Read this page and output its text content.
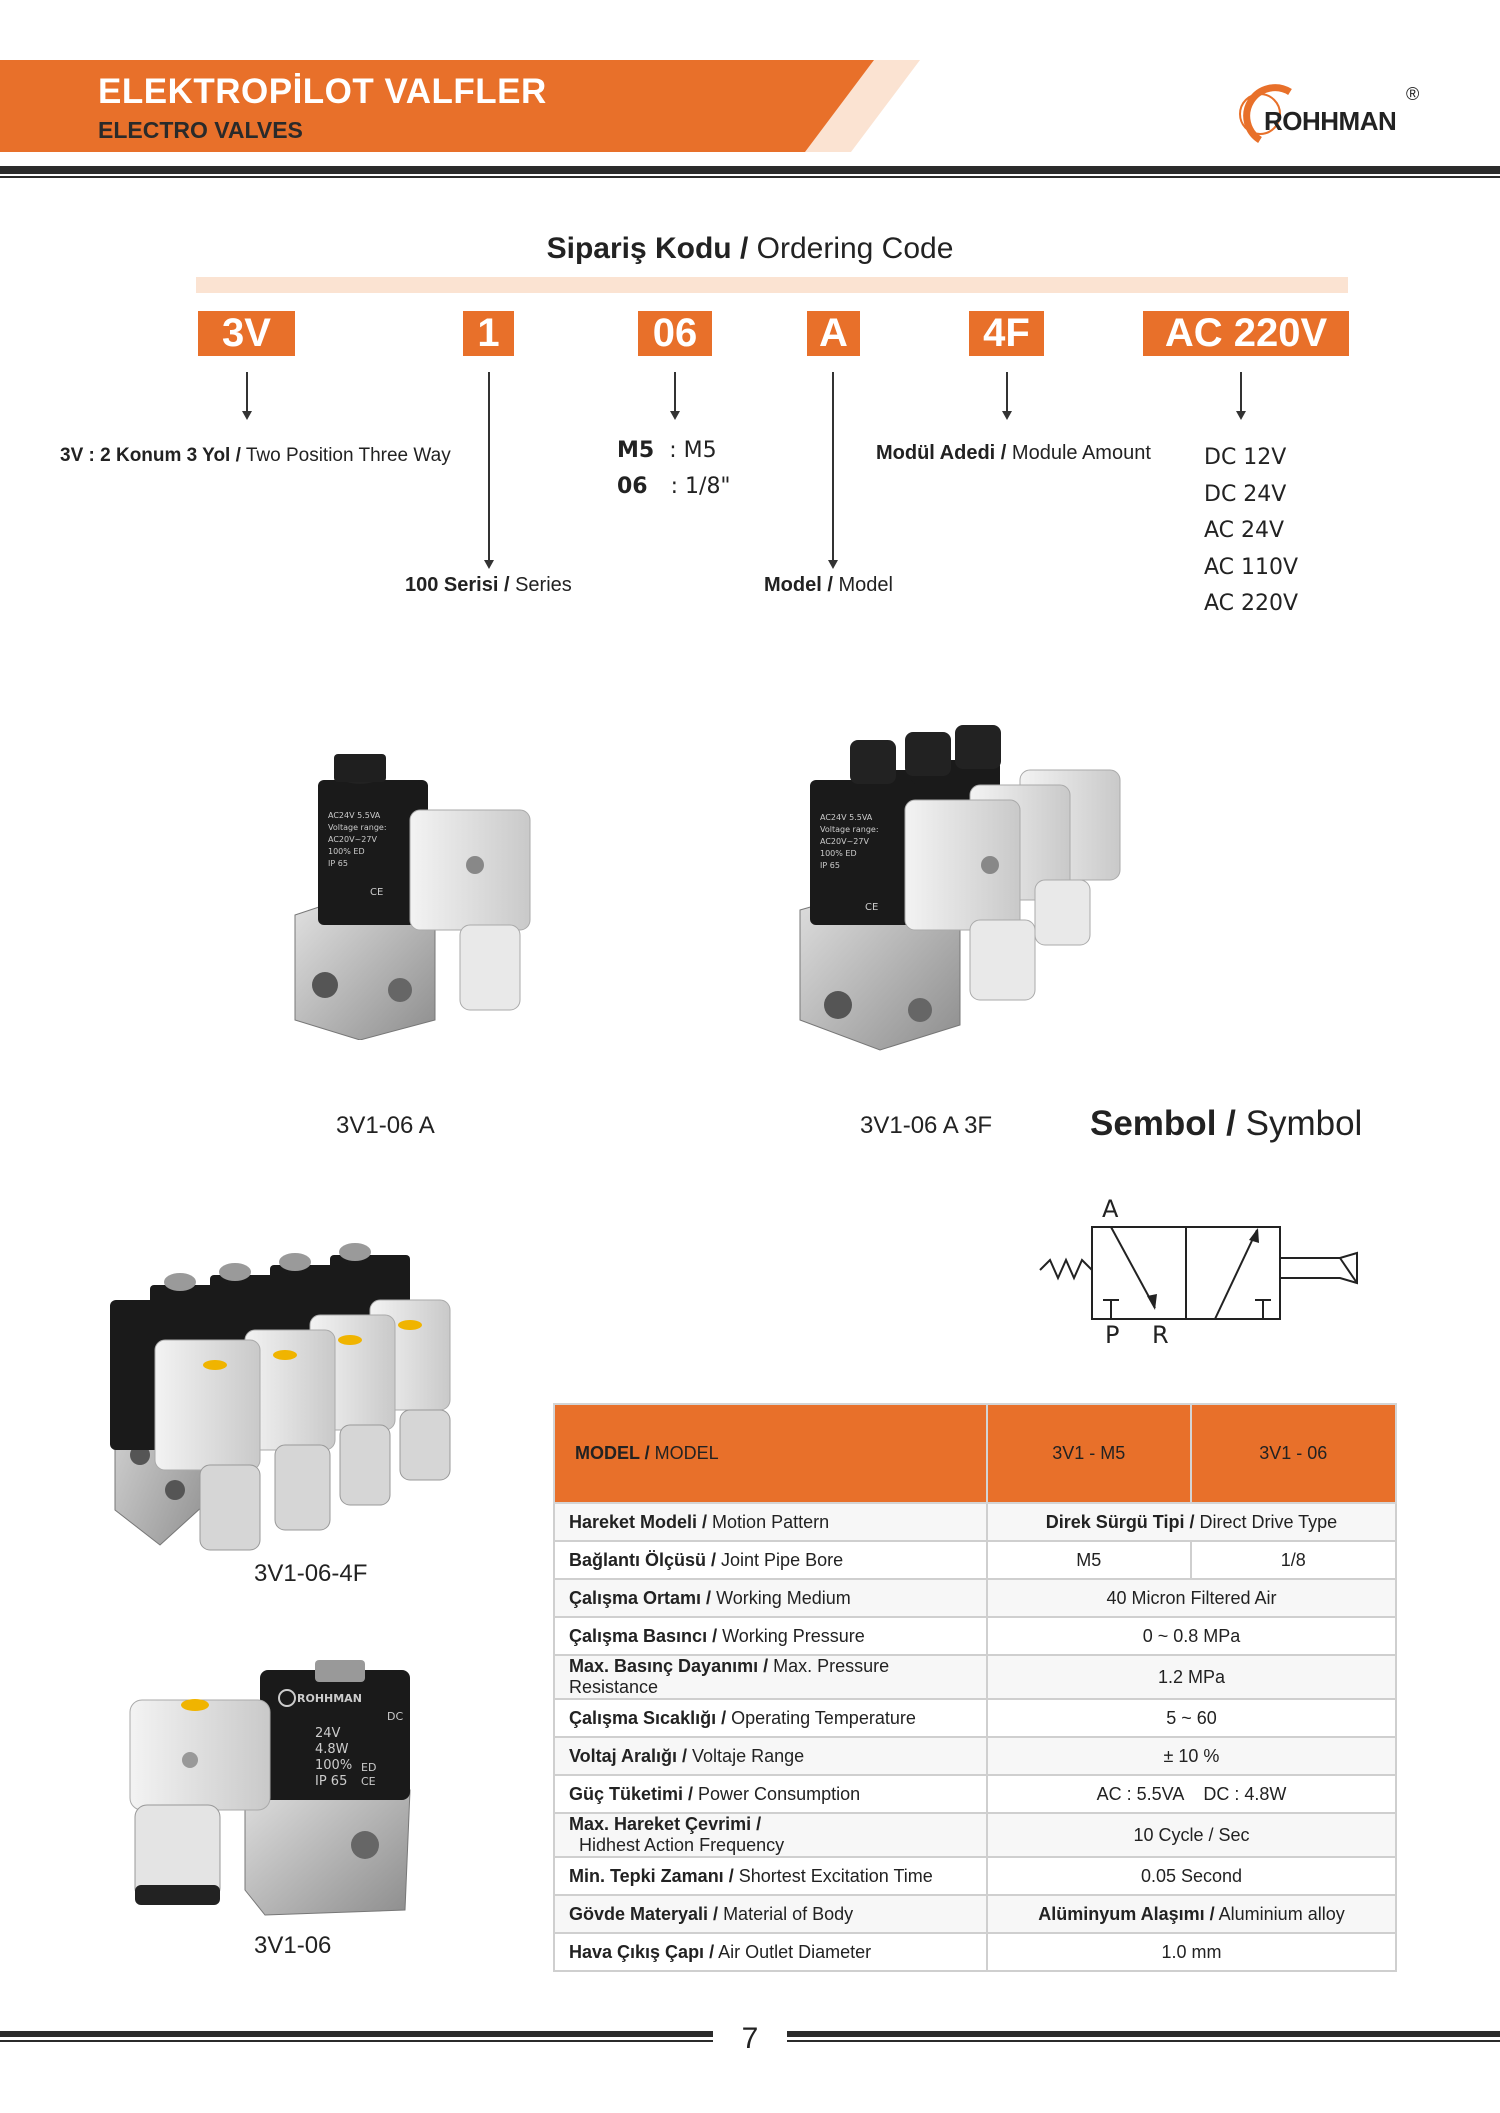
ELEKTROPİLOT VALFLER
ELECTRO VALVES	ROHHMAN
®
Sipariş Kodu / Ordering Code
3V	1	06	A	4F	AC 220V
3V : 2 Konum 3 Yol / Two Position Three Way
100 Serisi / Series
M5 : M5
06 : 1/8"
Model / Model
Modül Adedi / Module Amount DC 12V
DC 24V
AC 24V
AC 110V
AC 220V
AC24V 5.5VA
Voltage range:
AC20V~27V
100% ED
IP 65
CE
3V1-06 A
AC24V 5.5VA
Voltage range:
AC20V~27V
100% ED
IP 65
CE
3V1-06 A 3F	Sembol / Symbol
A
P R
3V1-06-4F
ROHHMAN
DC
24V
4.8W
100%
IP 65
ED
CE
3V1-06
MODEL / MODEL	3V1 - M5	3V1 - 06
Hareket Modeli / Motion Pattern	Direk Sürgü Tipi / Direct Drive Type	
Bağlantı Ölçüsü / Joint Pipe Bore	M5	1/8
Çalışma Ortamı / Working Medium	40 Micron Filtered Air	
Çalışma Basıncı / Working Pressure	0 ~ 0.8 MPa	
Max. Basınç Dayanımı / Max. Pressure Resistance	1.2 MPa	
Çalışma Sıcaklığı / Operating Temperature	5 ~ 60	
Voltaj Aralığı / Voltaje Range	± 10 %	
Güç Tüketimi / Power Consumption	AC : 5.5VA    DC : 4.8W	
Max. Hareket Çevrimi /  Hidhest Action Frequency	10 Cycle / Sec	
Min. Tepki Zamanı / Shortest Excitation Time	0.05 Second	
Gövde Materyali / Material of Body	Alüminyum Alaşımı / Aluminium alloy	
Hava Çıkış Çapı / Air Outlet Diameter	1.0 mm	
7
